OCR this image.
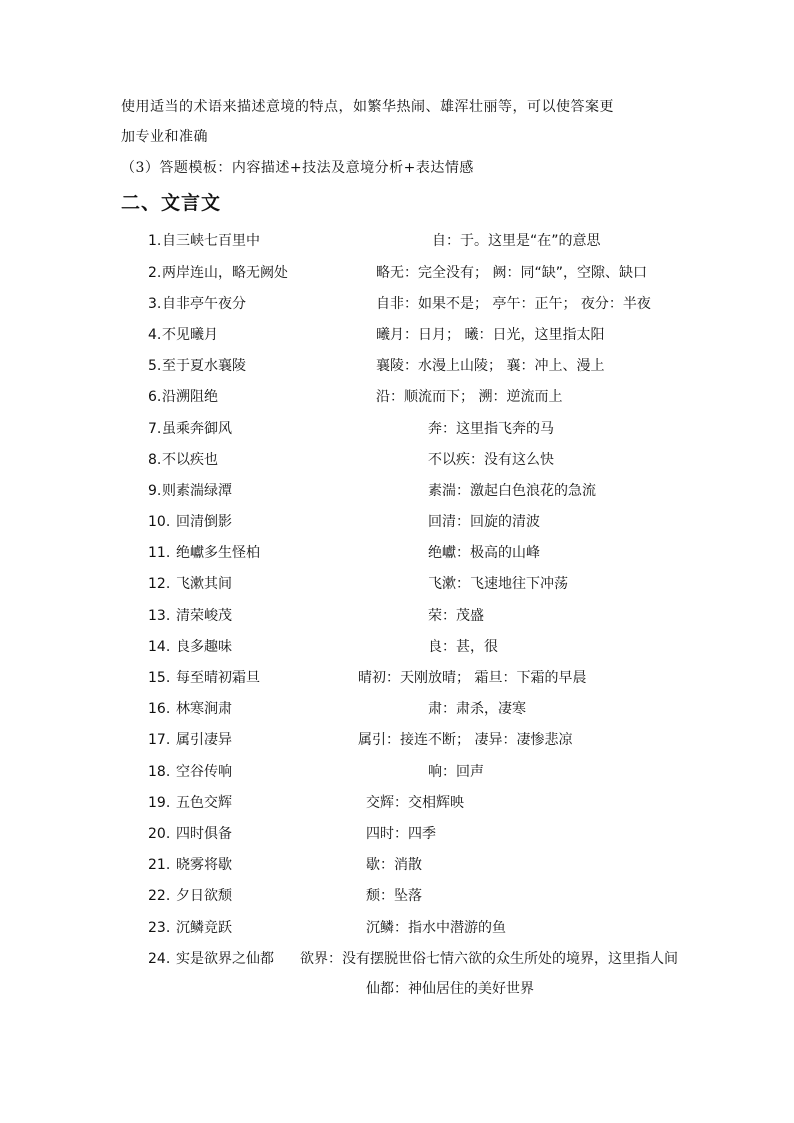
使用适当的术语来描述意境的特点，如繁华热闹、雄浑壮丽等，可以使答案更
加专业和准确
（3）答题模板：内容描述+技法及意境分析+表达情感
二、文言文
1. 自三峡七百里中	自：于。这里是“在”的意思
2. 两岸连山，略无阙处	略无：完全没有； 阙：同“缺”，空隙、缺口
3. 自非亭午夜分	自非：如果不是； 亭午：正午； 夜分：半夜
4. 不见曦月	曦月：日月； 曦：日光，这里指太阳
5. 至于夏水襄陵	襄陵：水漫上山陵； 襄：冲上、漫上
6. 沿溯阻绝	沿：顺流而下； 溯：逆流而上
7. 虽乘奔御风	奔：这里指飞奔的马
8. 不以疾也	不以疾：没有这么快
9. 则素湍绿潭	素湍：激起白色浪花的急流
10. 回清倒影	回清：回旋的清波
11. 绝巘多生怪柏	绝巘：极高的山峰
12. 飞漱其间	飞漱：飞速地往下冲荡
13. 清荣峻茂	荣：茂盛
14. 良多趣味	良：甚，很
15. 每至晴初霜旦	晴初：天刚放晴； 霜旦：下霜的早晨
16. 林寒涧肃	肃：肃杀，凄寒
17. 属引凄异	属引：接连不断； 凄异：凄惨悲凉
18. 空谷传响	响：回声
19. 五色交辉	交辉：交相辉映
20. 四时俱备	四时：四季
21. 晓雾将歇	歇：消散
22. 夕日欲颓	颓：坠落
23. 沉鳞竞跃	沉鳞：指水中潜游的鱼
24. 实是欲界之仙都 欲界：没有摆脱世俗七情六欲的众生所处的境界，这里指人间
仙都：神仙居住的美好世界
